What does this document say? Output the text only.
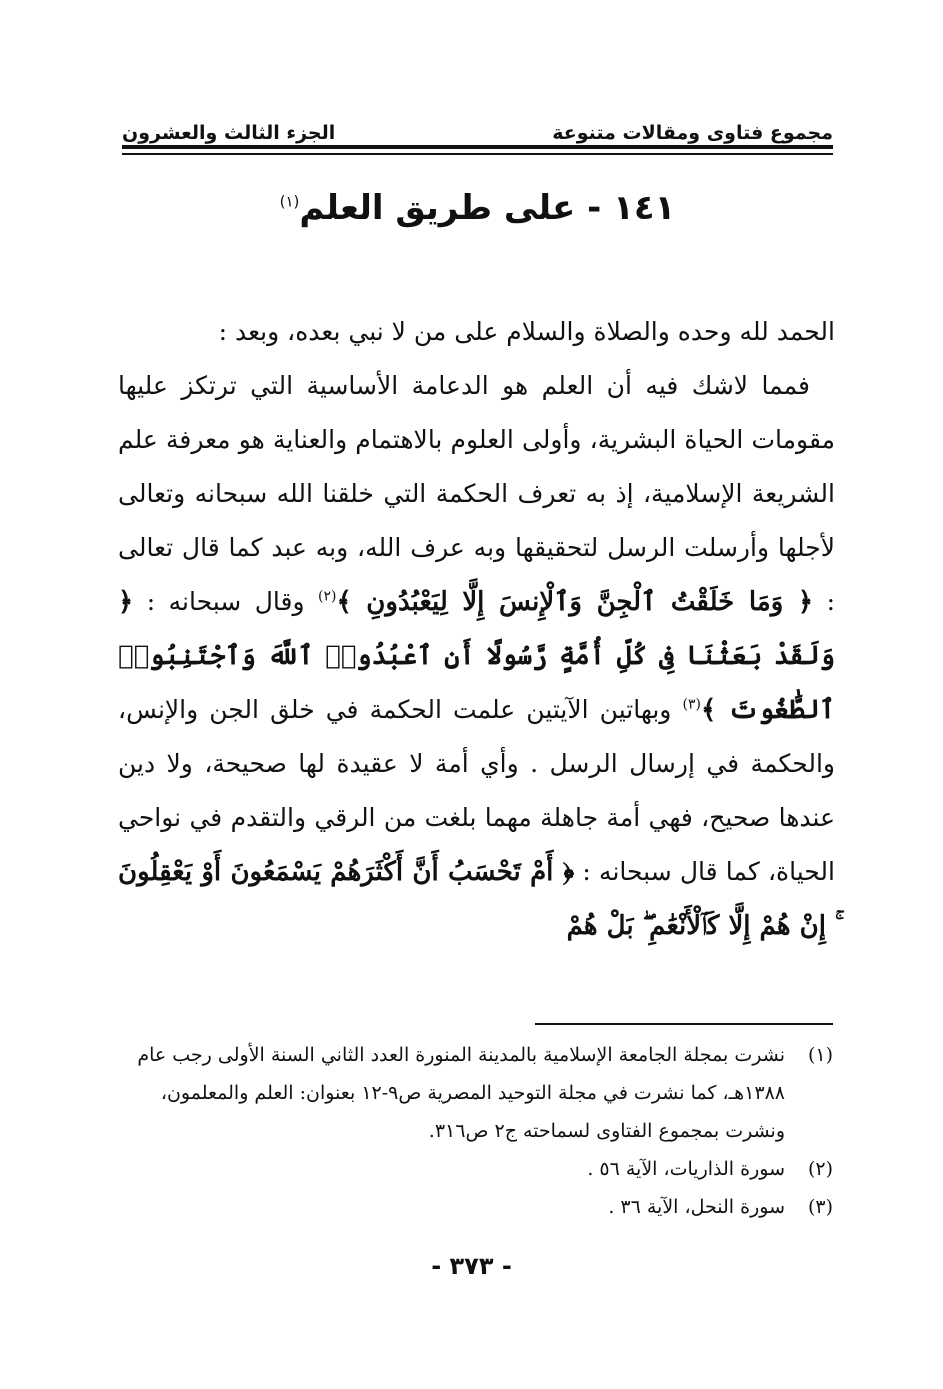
مجموع فتاوى ومقالات متنوعة
الجزء الثالث والعشرون
١٤١ - على طريق العلم$^{(١)}$

الحمد لله وحده والصلاة والسلام على من لا نبي بعده، وبعد :

 فمما لاشك فيه أن العلم هو الدعامة الأساسية التي ترتكز عليها مقومات الحياة البشرية، وأولى العلوم بالاهتمام والعناية هو معرفة علم الشريعة الإسلامية، إذ به تعرف الحكمة التي خلقنا الله سبحانه وتعالى لأجلها وأرسلت الرسل لتحقيقها وبه عرف الله، وبه عبد كما قال تعالى : ﴿ وَمَا خَلَقْتُ ٱلْجِنَّ وَٱلْإِنسَ إِلَّا لِيَعْبُدُونِ ﴾$^{(٢)}$ وقال سبحانه : ﴿ وَلَقَدْ بَعَثْنَا فِى كُلِّ أُمَّةٍ رَّسُولًا أَنِ ٱعْبُدُوا۟ ٱللَّهَ وَٱجْتَنِبُوا۟ ٱلطَّٰغُوتَ ﴾$^{(٣)}$ وبهاتين الآيتين علمت الحكمة في خلق الجن والإنس، والحكمة في إرسال الرسل . وأي أمة لا عقيدة لها صحيحة، ولا دين عندها صحيح، فهي أمة جاهلة مهما بلغت من الرقي والتقدم في نواحي الحياة، كما قال سبحانه : ﴿ أَمْ تَحْسَبُ أَنَّ أَكْثَرَهُمْ يَسْمَعُونَ أَوْ يَعْقِلُونَ ۚ إِنْ هُمْ إِلَّا كَٱلْأَنْعَٰمِ ۖ بَلْ هُمْ

(١)
نشرت بمجلة الجامعة الإسلامية بالمدينة المنورة العدد الثاني السنة الأولى رجب عام ١٣٨٨هـ، كما نشرت في مجلة التوحيد المصرية ص٩-١٢ بعنوان: العلم والمعلمون، ونشرت بمجموع الفتاوى لسماحته ج٢ ص٣١٦.
(٢)
سورة الذاريات، الآية ٥٦ .
(٣)
سورة النحل، الآية ٣٦ .
- ٣٧٣ -
